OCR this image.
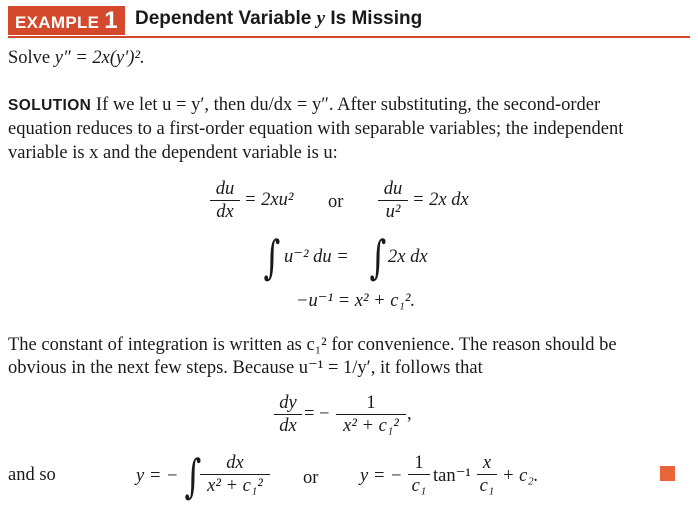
EXAMPLE 1 Dependent Variable y Is Missing
Solve y″ = 2x(y′)².
SOLUTION If we let u = y′, then du/dx = y″. After substituting, the second-order
equation reduces to a first-order equation with separable variables; the independent
variable is x and the dependent variable is u:
$\frac{du}{dx} = 2xu^2$ or $\frac{du}{\text{u²}} = 2x$ dx
∫ u⁻² du = ∫ 2x dx
−u⁻¹ = x² + c₁².
The constant of integration is written as c₁² for convenience. The reason should be
obvious in the next few steps. Because u⁻¹ = 1/y′, it follows that
$\frac{dy}{dx}$ = − $\frac{1}{\text{x² + c₁²}}$ ,
and so	y = − ∫
$\frac{dx}{\text{x² + c₁²}}$ or y = − $\frac{1}{\text{c₁}} \tan^{-1} \frac{x}{\text{c₁}} + c_2$.
